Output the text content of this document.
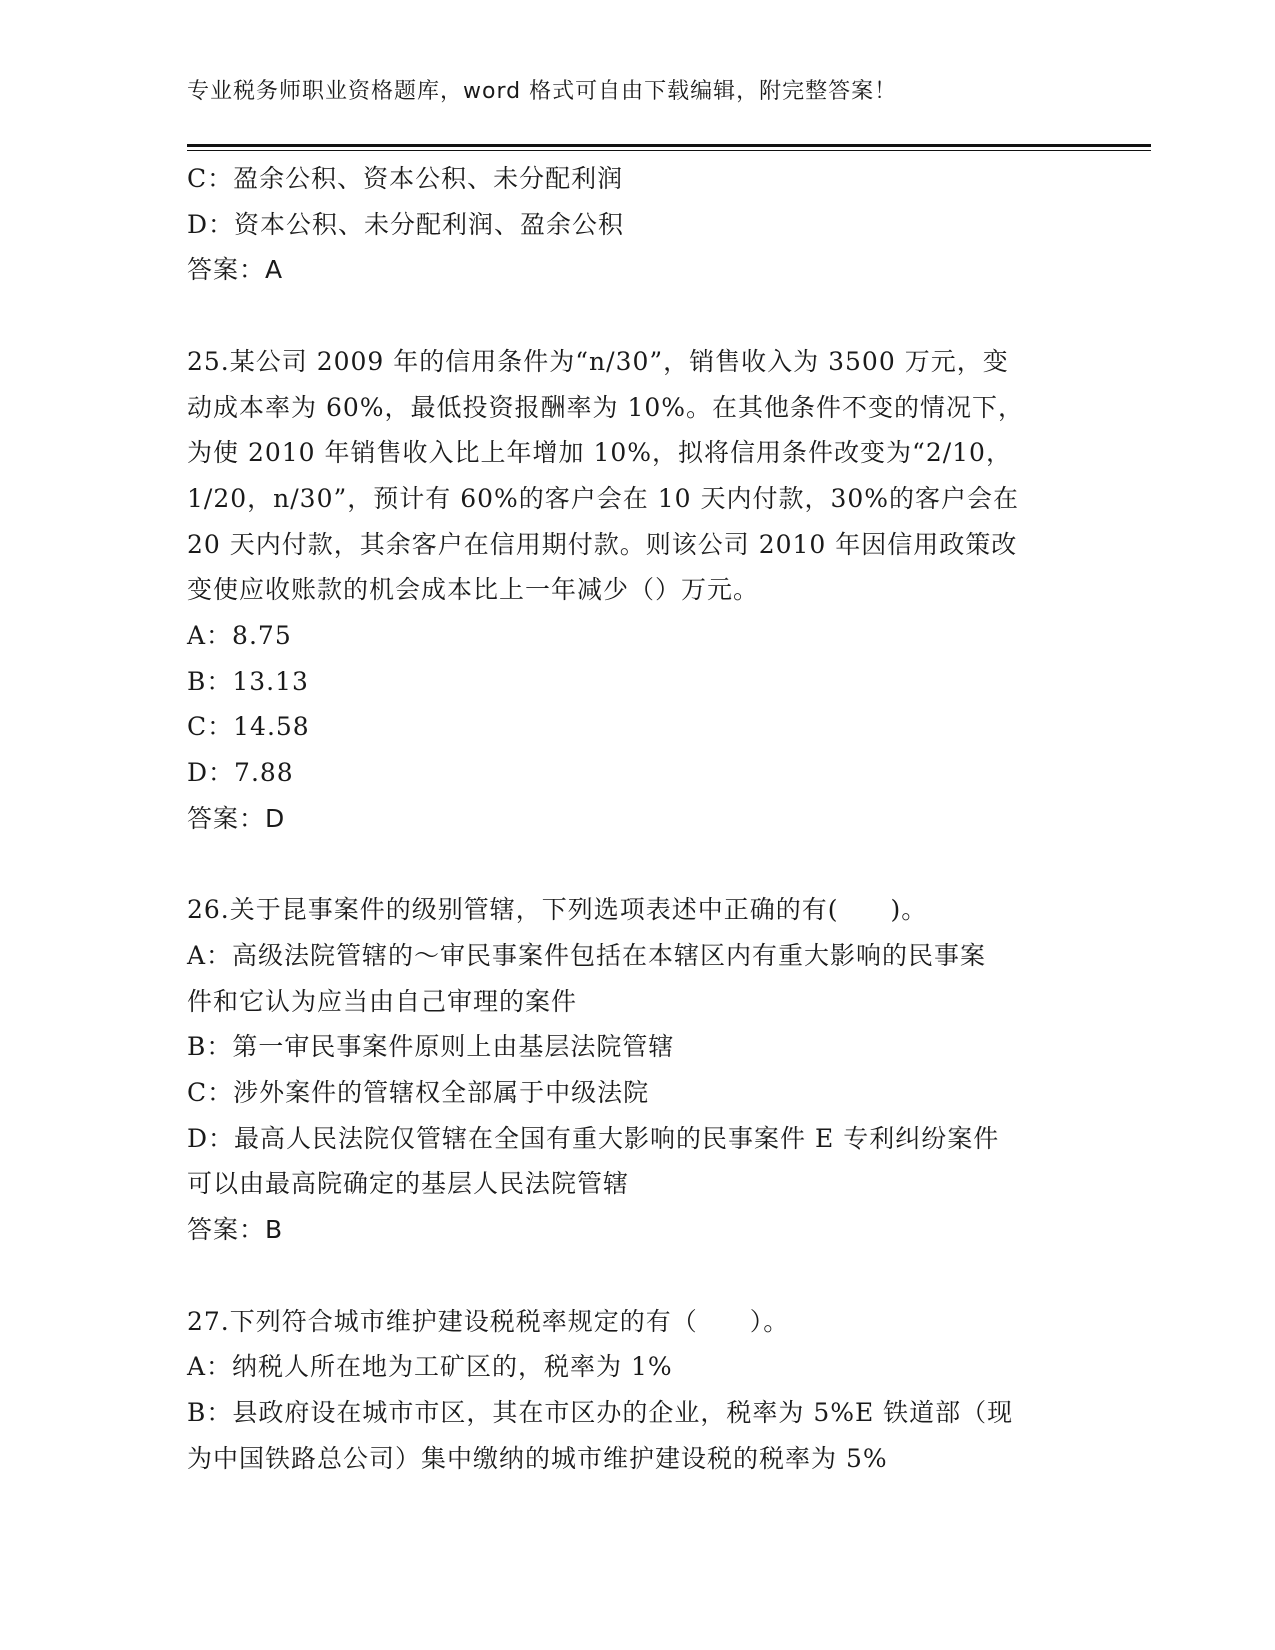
专业税务师职业资格题库，word 格式可自由下载编辑，附完整答案！
C：盈余公积、资本公积、未分配利润
D：资本公积、未分配利润、盈余公积
答案：A
25.某公司 2009 年的信用条件为“n/30”，销售收入为 3500 万元，变
动成本率为 60%，最低投资报酬率为 10%。在其他条件不变的情况下，
为使 2010 年销售收入比上年增加 10%，拟将信用条件改变为“2/10，
1/20，n/30”，预计有 60%的客户会在 10 天内付款，30%的客户会在
20 天内付款，其余客户在信用期付款。则该公司 2010 年因信用政策改
变使应收账款的机会成本比上一年减少（）万元。
A：8.75
B：13.13
C：14.58
D：7.88
答案：D
26.关于昆事案件的级别管辖，下列选项表述中正确的有(　　)。
A：高级法院管辖的～审民事案件包括在本辖区内有重大影响的民事案
件和它认为应当由自己审理的案件
B：第一审民事案件原则上由基层法院管辖
C：涉外案件的管辖权全部属于中级法院
D：最高人民法院仅管辖在全国有重大影响的民事案件 E 专利纠纷案件
可以由最高院确定的基层人民法院管辖
答案：B
27.下列符合城市维护建设税税率规定的有（　　）。
A：纳税人所在地为工矿区的，税率为 1%
B：县政府设在城市市区，其在市区办的企业，税率为 5%E 铁道部（现
为中国铁路总公司）集中缴纳的城市维护建设税的税率为 5%
